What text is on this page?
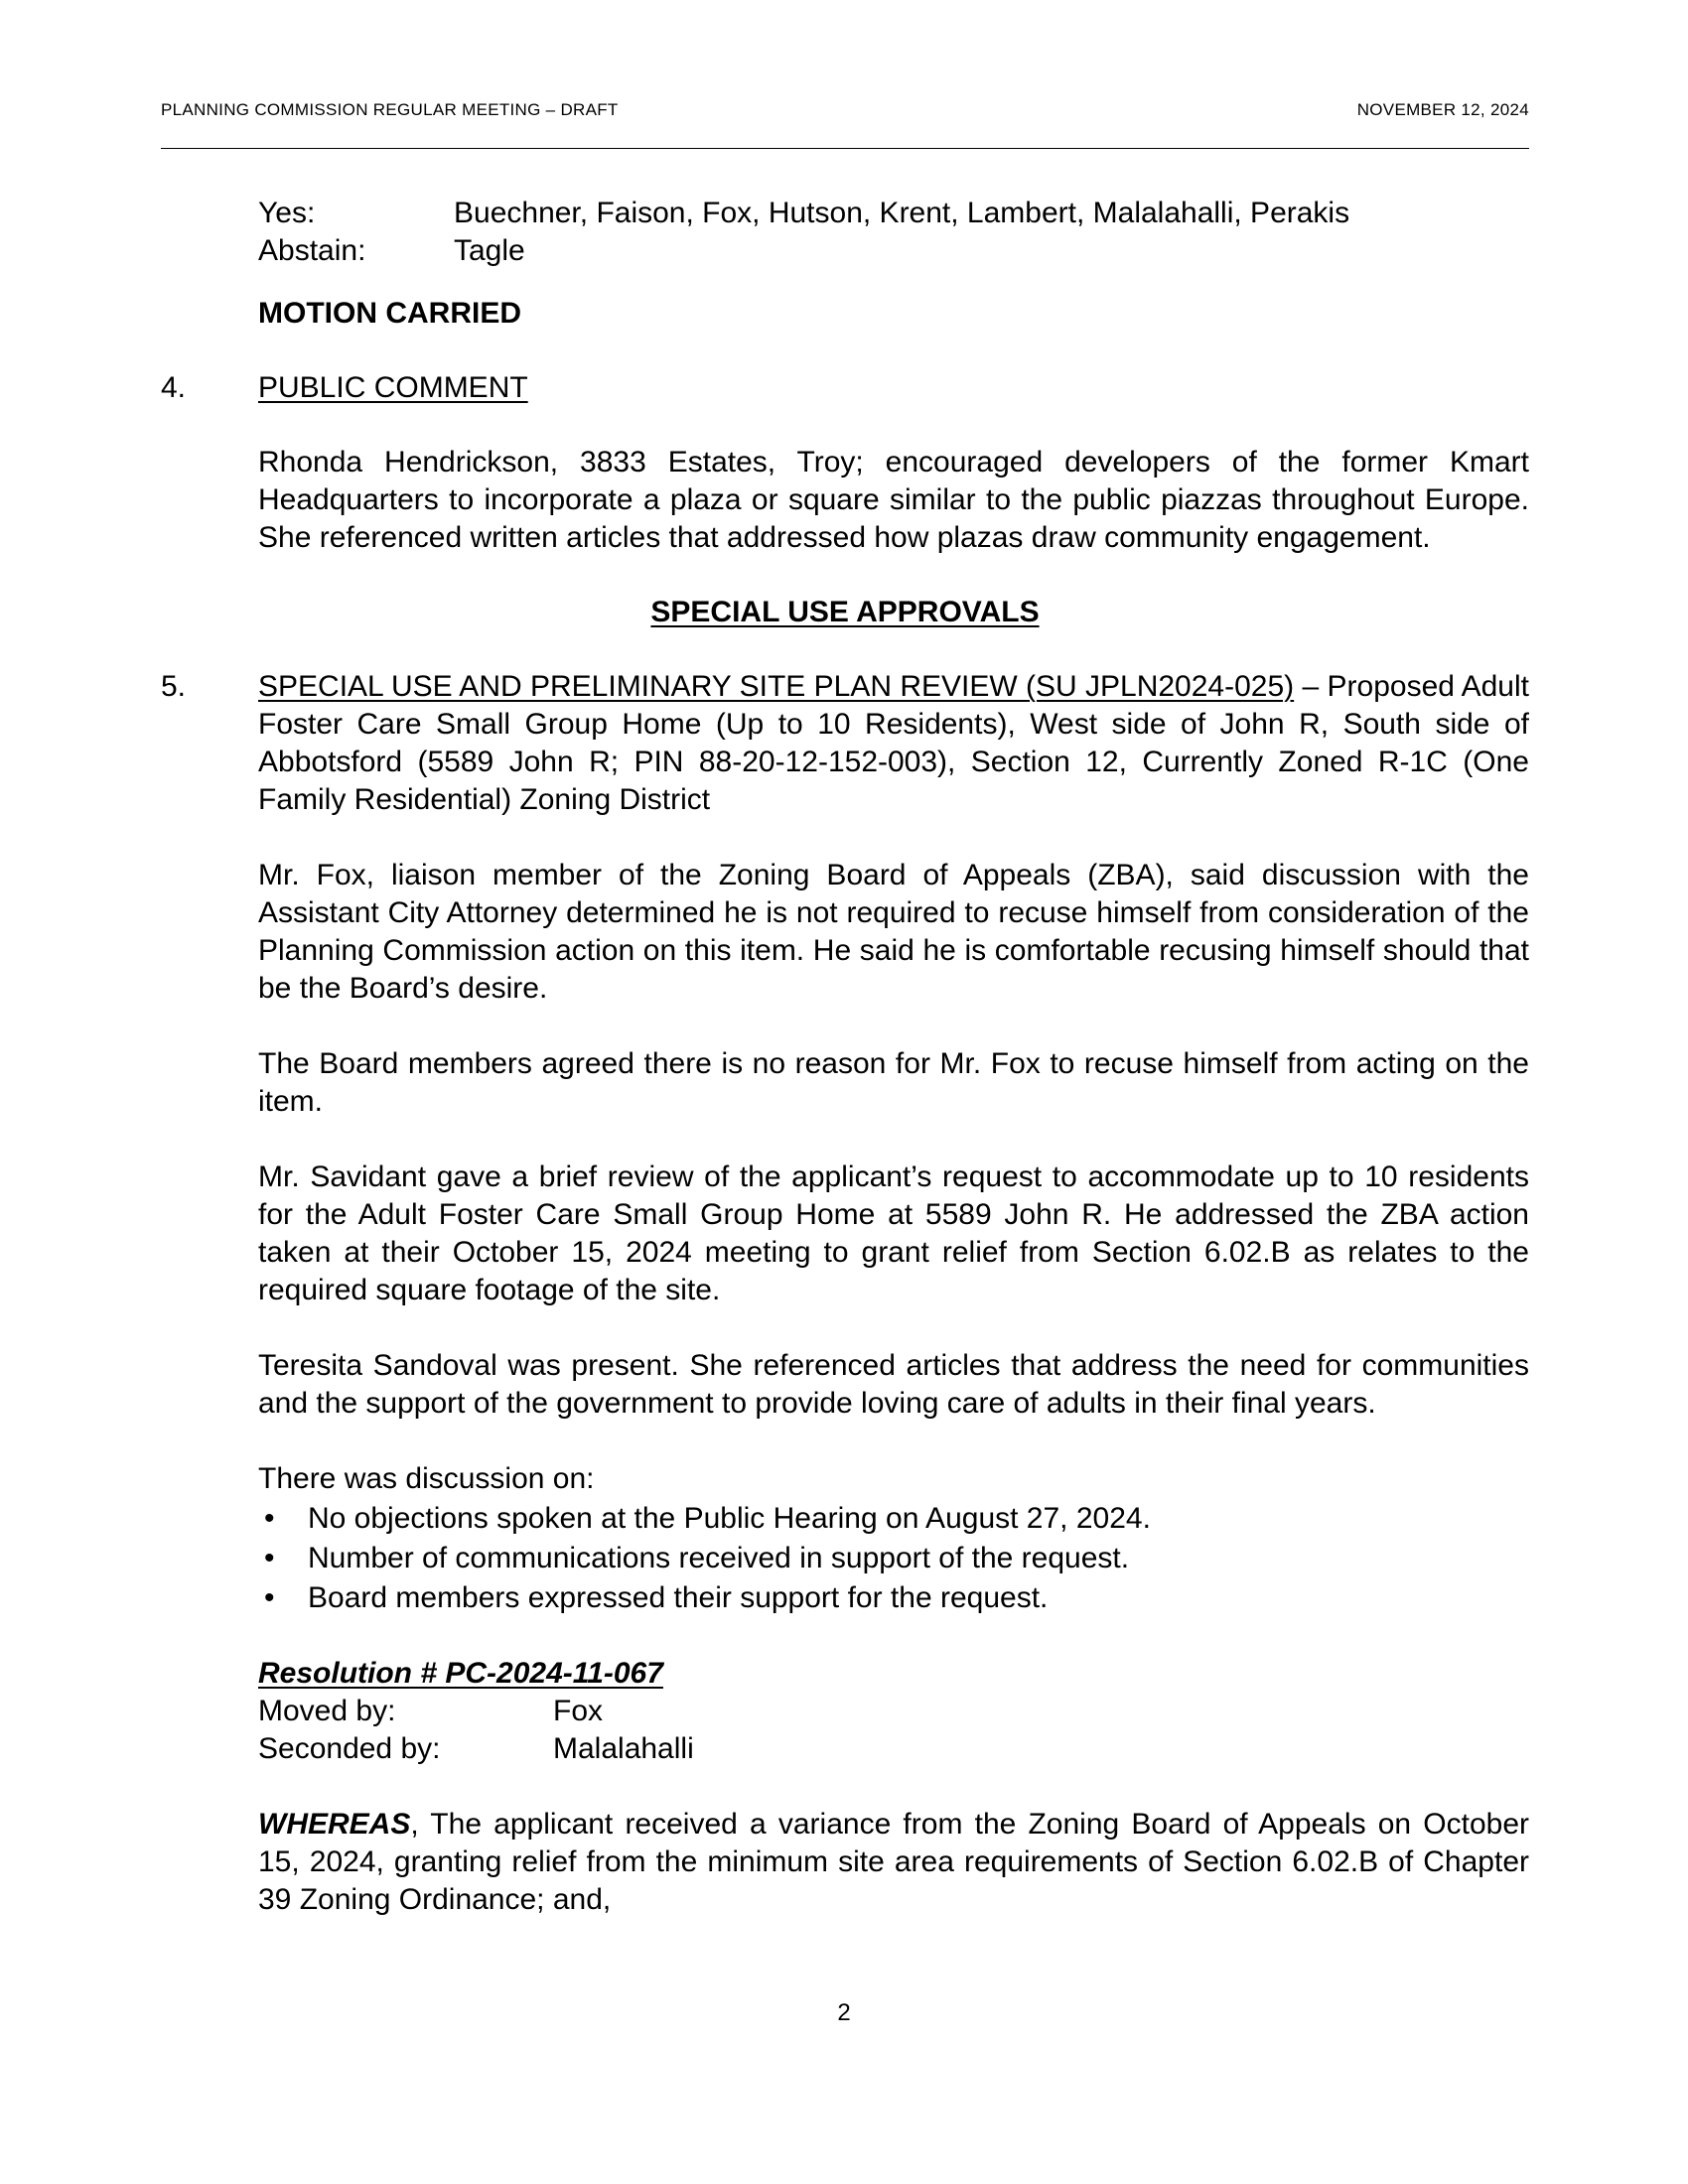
PLANNING COMMISSION REGULAR MEETING – DRAFT	NOVEMBER 12, 2024
Yes:	Buechner, Faison, Fox, Hutson, Krent, Lambert, Malalahalli, Perakis
Abstain:	Tagle
MOTION CARRIED
4. PUBLIC COMMENT
Rhonda Hendrickson, 3833 Estates, Troy; encouraged developers of the former Kmart Headquarters to incorporate a plaza or square similar to the public piazzas throughout Europe. She referenced written articles that addressed how plazas draw community engagement.
SPECIAL USE APPROVALS
5. SPECIAL USE AND PRELIMINARY SITE PLAN REVIEW (SU JPLN2024-025) – Proposed Adult Foster Care Small Group Home (Up to 10 Residents), West side of John R, South side of Abbotsford (5589 John R; PIN 88-20-12-152-003), Section 12, Currently Zoned R-1C (One Family Residential) Zoning District
Mr. Fox, liaison member of the Zoning Board of Appeals (ZBA), said discussion with the Assistant City Attorney determined he is not required to recuse himself from consideration of the Planning Commission action on this item. He said he is comfortable recusing himself should that be the Board’s desire.
The Board members agreed there is no reason for Mr. Fox to recuse himself from acting on the item.
Mr. Savidant gave a brief review of the applicant’s request to accommodate up to 10 residents for the Adult Foster Care Small Group Home at 5589 John R. He addressed the ZBA action taken at their October 15, 2024 meeting to grant relief from Section 6.02.B as relates to the required square footage of the site.
Teresita Sandoval was present. She referenced articles that address the need for communities and the support of the government to provide loving care of adults in their final years.
There was discussion on:
• No objections spoken at the Public Hearing on August 27, 2024.
• Number of communications received in support of the request.
• Board members expressed their support for the request.
Resolution # PC-2024-11-067
Moved by:	Fox
Seconded by:	Malalahalli
WHEREAS, The applicant received a variance from the Zoning Board of Appeals on October 15, 2024, granting relief from the minimum site area requirements of Section 6.02.B of Chapter 39 Zoning Ordinance; and,
2
